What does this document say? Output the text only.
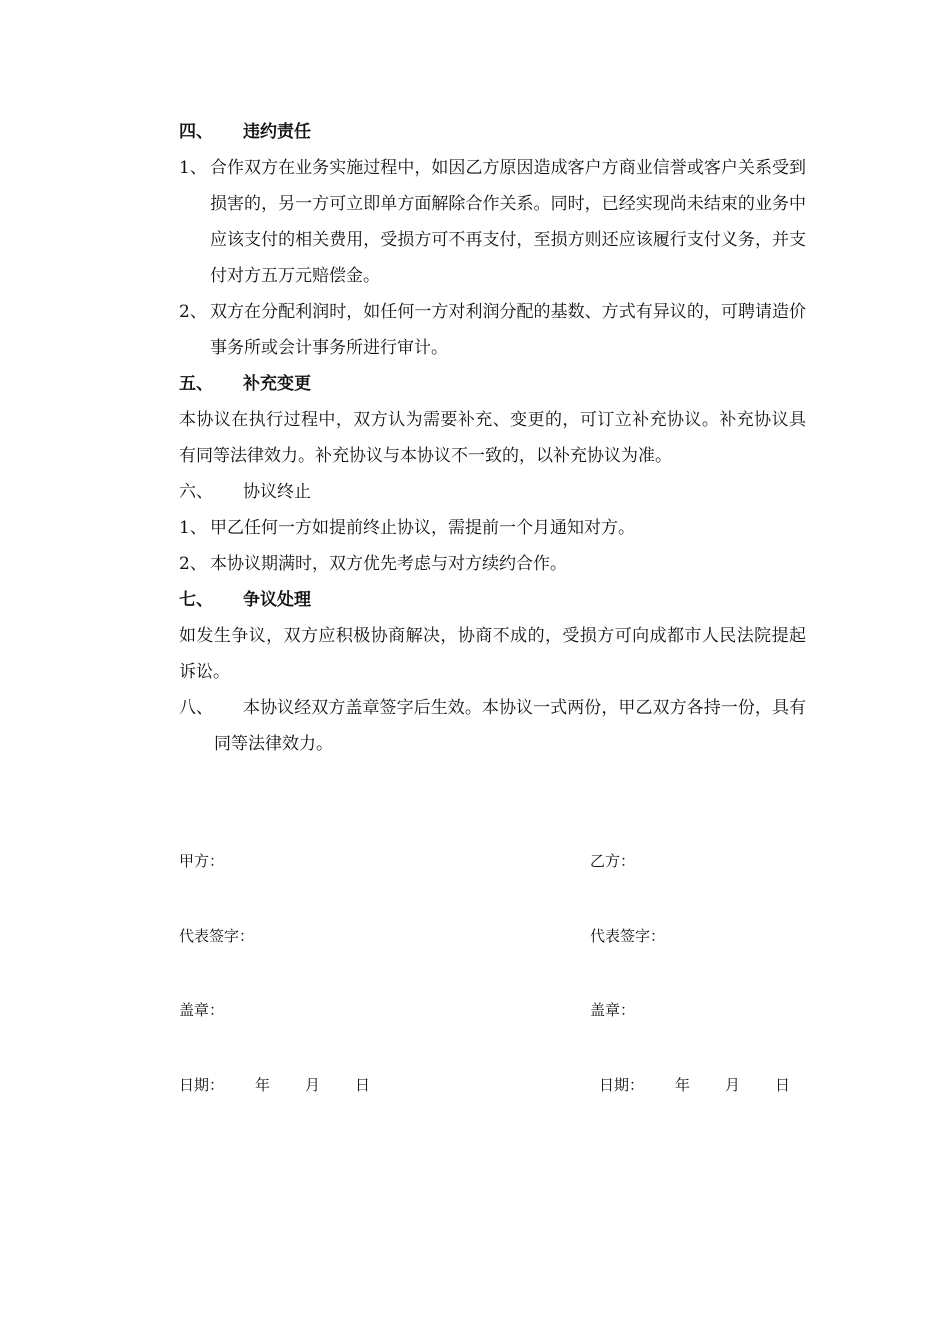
四、 违约责任
1、 合作双方在业务实施过程中，如因乙方原因造成客户方商业信誉或客户关系受到损害的，另一方可立即单方面解除合作关系。同时，已经实现尚未结束的业务中应该支付的相关费用，受损方可不再支付，至损方则还应该履行支付义务，并支付对方五万元赔偿金。
2、 双方在分配利润时，如任何一方对利润分配的基数、方式有异议的，可聘请造价事务所或会计事务所进行审计。
五、 补充变更
本协议在执行过程中，双方认为需要补充、变更的，可订立补充协议。补充协议具有同等法律效力。补充协议与本协议不一致的，以补充协议为准。
六、 协议终止
1、 甲乙任何一方如提前终止协议，需提前一个月通知对方。
2、 本协议期满时，双方优先考虑与对方续约合作。
七、 争议处理
如发生争议，双方应积极协商解决，协商不成的，受损方可向成都市人民法院提起诉讼。
八、 本协议经双方盖章签字后生效。本协议一式两份，甲乙双方各持一份，具有同等法律效力。
甲方：
代表签字：
盖章：
日期： 年 月 日
乙方：
代表签字：
盖章：
日期： 年 月 日
